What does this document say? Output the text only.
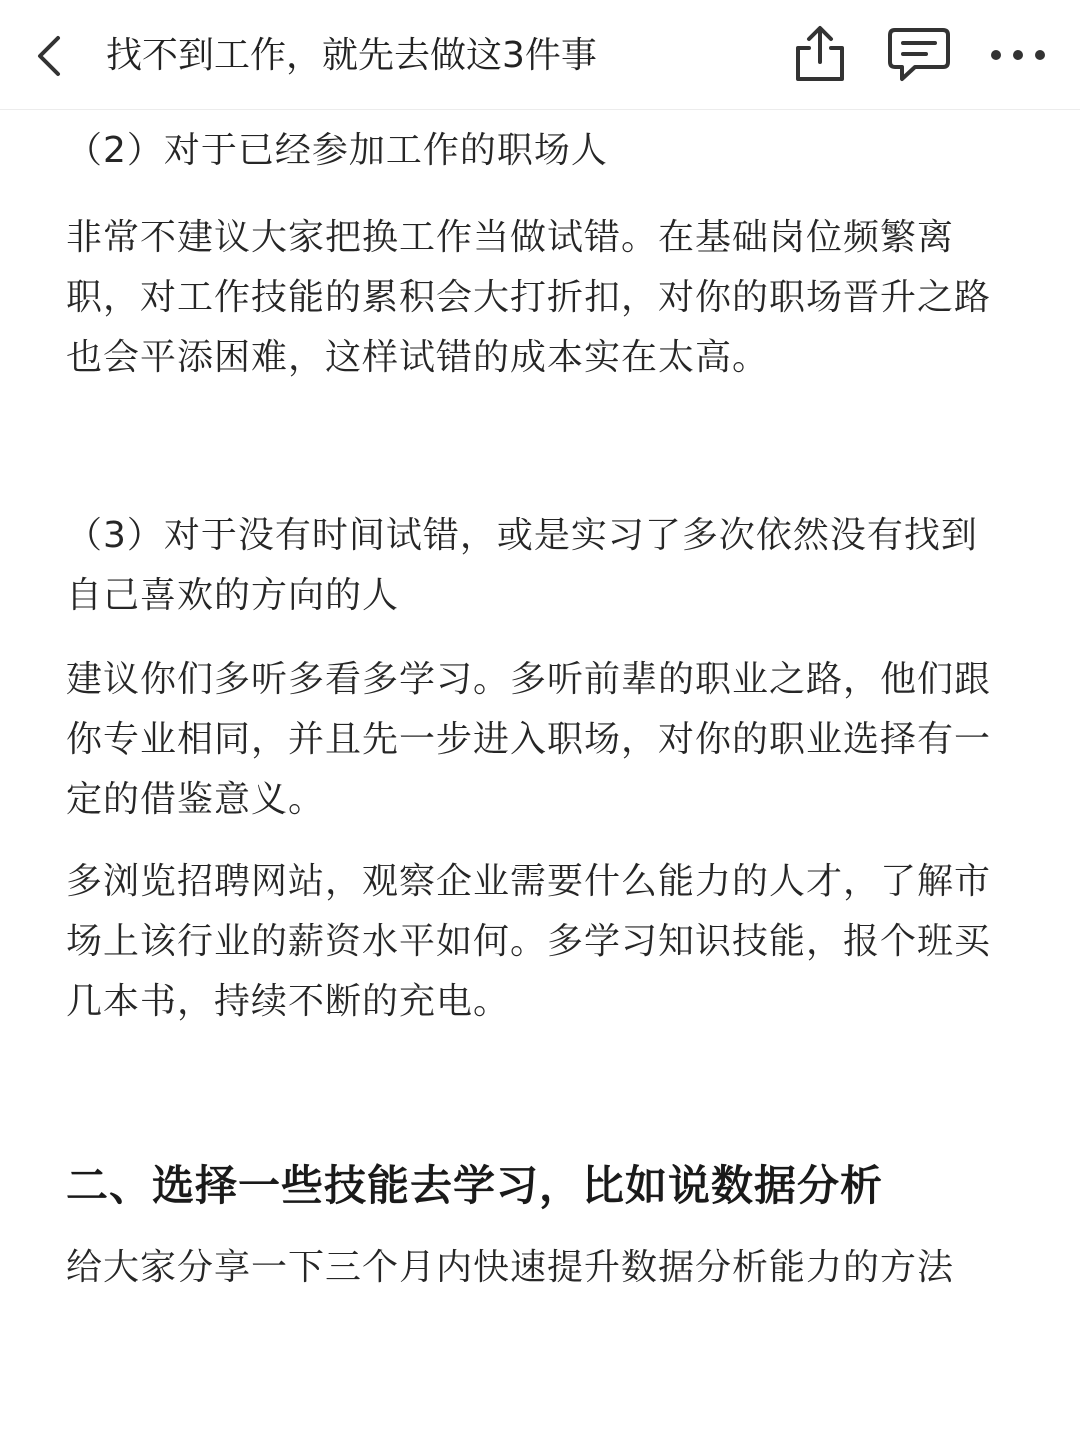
找不到工作，就先去做这3件事

（2）对于已经参加工作的职场人

非常不建议大家把换工作当做试错。在基础岗位频繁离职，对工作技能的累积会大打折扣，对你的职场晋升之路也会平添困难，这样试错的成本实在太高。

（3）对于没有时间试错，或是实习了多次依然没有找到

自己喜欢的方向的人

建议你们多听多看多学习。多听前辈的职业之路，他们跟你专业相同，并且先一步进入职场，对你的职业选择有一定的借鉴意义。

多浏览招聘网站，观察企业需要什么能力的人才，了解市场上该行业的薪资水平如何。多学习知识技能，报个班买几本书，持续不断的充电。

二、选择一些技能去学习，比如说数据分析

给大家分享一下三个月内快速提升数据分析能力的方法
